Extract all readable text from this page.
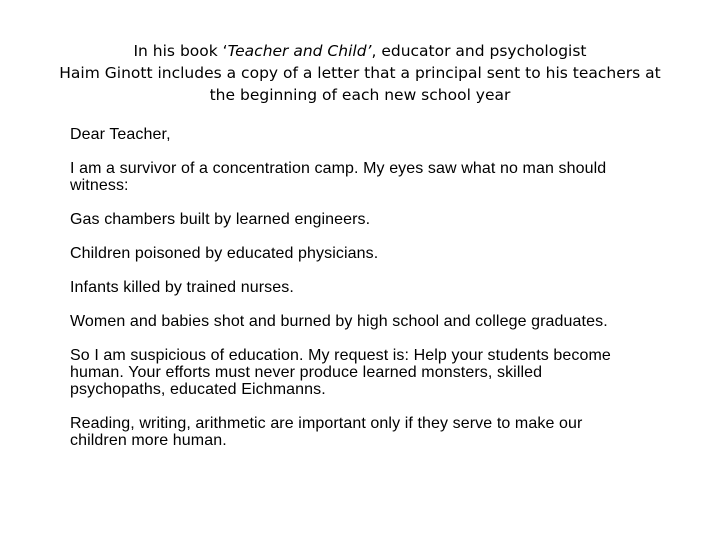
In his book ‘Teacher and Child’, educator and psychologist
Haim Ginott includes a copy of a letter that a principal sent to his teachers at
the beginning of each new school year

Dear Teacher,

I am a survivor of a concentration camp. My eyes saw what no man should
witness:

Gas chambers built by learned engineers.

Children poisoned by educated physicians.

Infants killed by trained nurses.

Women and babies shot and burned by high school and college graduates.

So I am suspicious of education. My request is: Help your students become
human. Your efforts must never produce learned monsters, skilled
psychopaths, educated Eichmanns.

Reading, writing, arithmetic are important only if they serve to make our
children more human.
